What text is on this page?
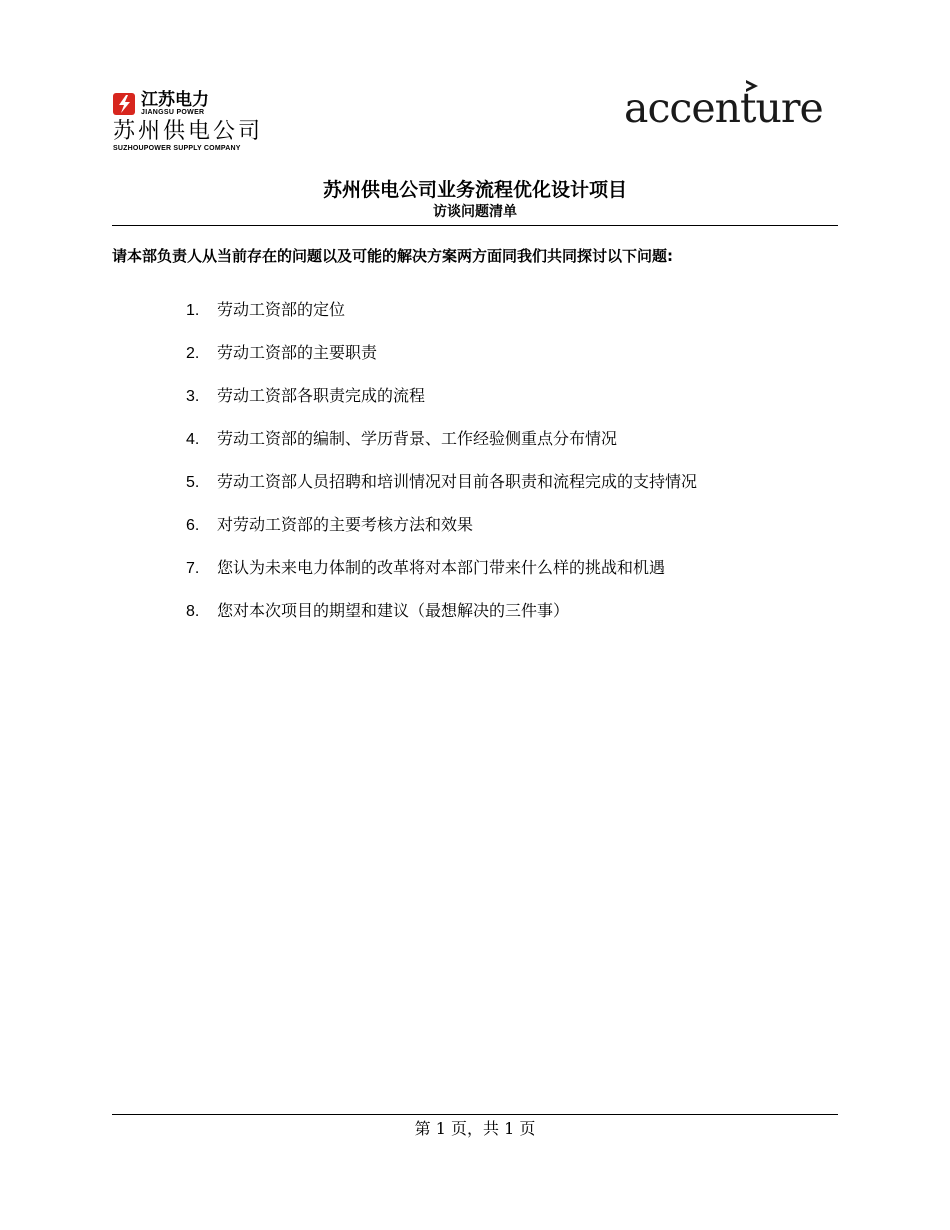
江苏电力
JIANGSU POWER
苏州供电公司
SUZHOUPOWER SUPPLY COMPANY
accenture
苏州供电公司业务流程优化设计项目
访谈问题清单
请本部负责人从当前存在的问题以及可能的解决方案两方面同我们共同探讨以下问题:
1. 劳动工资部的定位
2. 劳动工资部的主要职责
3. 劳动工资部各职责完成的流程
4. 劳动工资部的编制、学历背景、工作经验侧重点分布情况
5. 劳动工资部人员招聘和培训情况对目前各职责和流程完成的支持情况
6. 对劳动工资部的主要考核方法和效果
7. 您认为未来电力体制的改革将对本部门带来什么样的挑战和机遇
8. 您对本次项目的期望和建议（最想解决的三件事）
第 1 页，共 1 页
